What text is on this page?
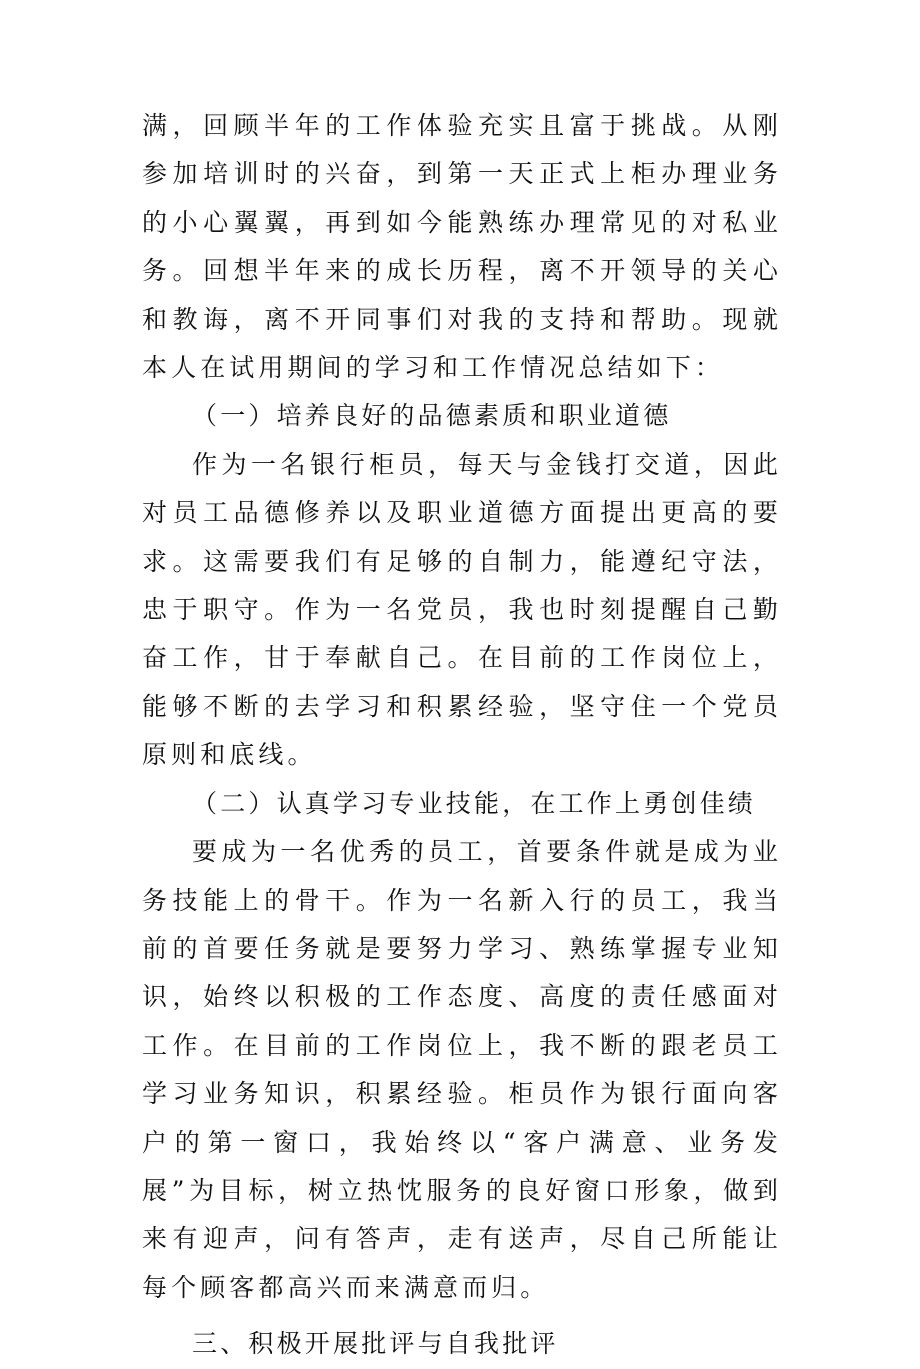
满，回顾半年的工作体验充实且富于挑战。从刚参加培训时的兴奋，到第一天正式上柜办理业务的小心翼翼，再到如今能熟练办理常见的对私业务。回想半年来的成长历程，离不开领导的关心和教诲，离不开同事们对我的支持和帮助。现就本人在试用期间的学习和工作情况总结如下：

（一）培养良好的品德素质和职业道德

作为一名银行柜员，每天与金钱打交道，因此对员工品德修养以及职业道德方面提出更高的要求。这需要我们有足够的自制力，能遵纪守法，忠于职守。作为一名党员，我也时刻提醒自己勤奋工作，甘于奉献自己。在目前的工作岗位上，能够不断的去学习和积累经验，坚守住一个党员原则和底线。

（二）认真学习专业技能，在工作上勇创佳绩

要成为一名优秀的员工，首要条件就是成为业务技能上的骨干。作为一名新入行的员工，我当前的首要任务就是要努力学习、熟练掌握专业知识，始终以积极的工作态度、高度的责任感面对工作。在目前的工作岗位上，我不断的跟老员工学习业务知识，积累经验。柜员作为银行面向客户的第一窗口，我始终以“客户满意、业务发展”为目标，树立热忱服务的良好窗口形象，做到来有迎声，问有答声，走有送声，尽自己所能让每个顾客都高兴而来满意而归。

三、积极开展批评与自我批评
